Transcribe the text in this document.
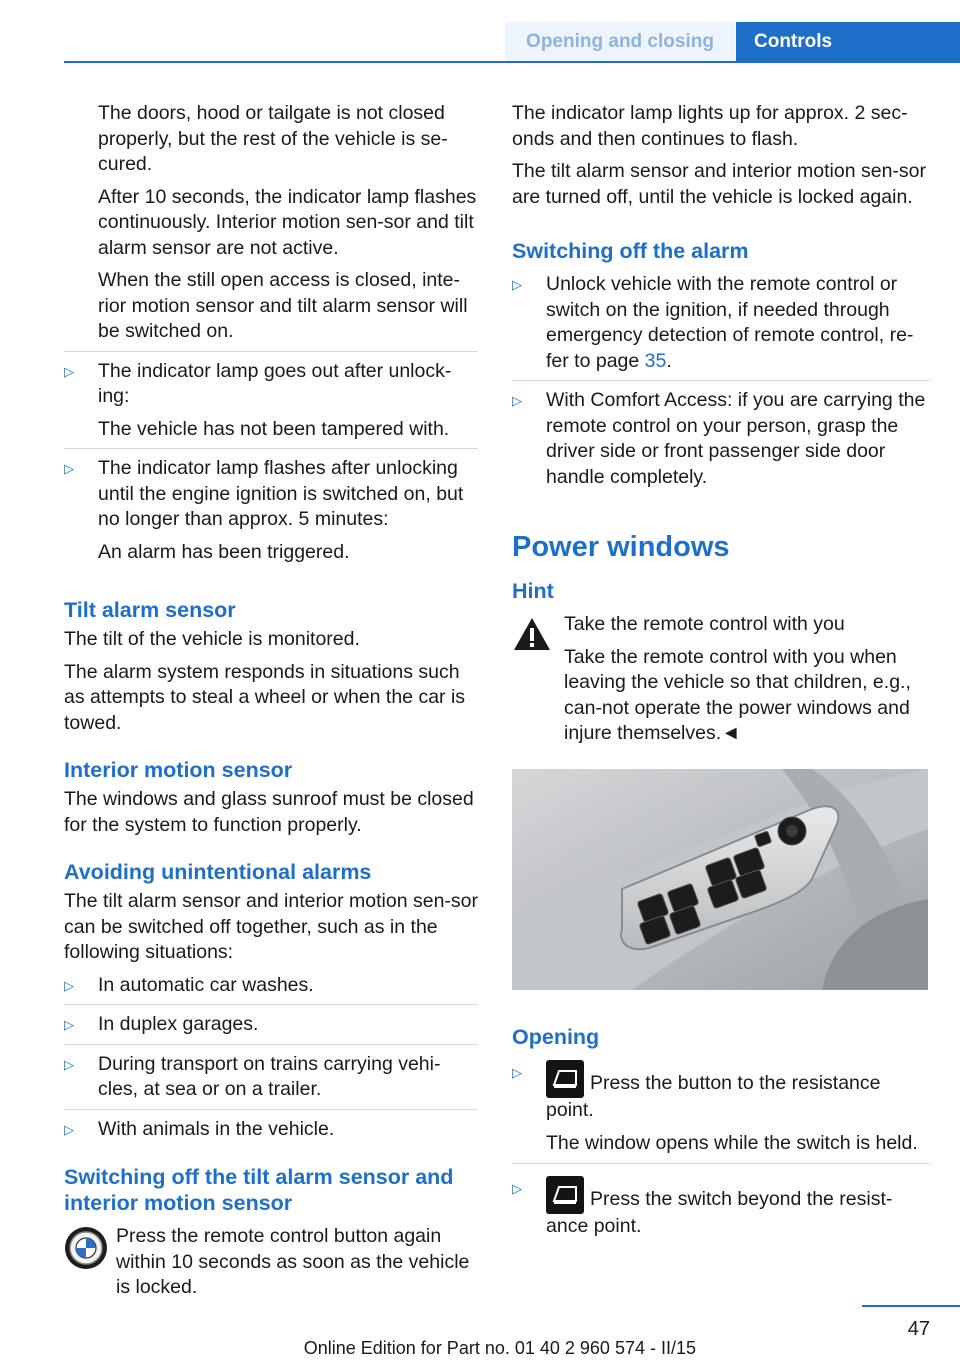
Opening and closing	Controls

The doors, hood or tailgate is not closed properly, but the rest of the vehicle is se-cured.

After 10 seconds, the indicator lamp flashes continuously. Interior motion sen-sor and tilt alarm sensor are not active.

When the still open access is closed, inte-rior motion sensor and tilt alarm sensor will be switched on.

▷	The indicator lamp goes out after unlock-ing:

The vehicle has not been tampered with.

▷	The indicator lamp flashes after unlocking until the engine ignition is switched on, but no longer than approx. 5 minutes:

An alarm has been triggered.

Tilt alarm sensor

The tilt of the vehicle is monitored.

The alarm system responds in situations such as attempts to steal a wheel or when the car is towed.

Interior motion sensor

The windows and glass sunroof must be closed for the system to function properly.

Avoiding unintentional alarms

The tilt alarm sensor and interior motion sen-sor can be switched off together, such as in the following situations:

▷	In automatic car washes.

▷	In duplex garages.

▷	During transport on trains carrying vehi-cles, at sea or on a trailer.

▷	With animals in the vehicle.

Switching off the tilt alarm sensor and interior motion sensor

Press the remote control button again within 10 seconds as soon as the vehicle is locked.

The indicator lamp lights up for approx. 2 sec-onds and then continues to flash.

The tilt alarm sensor and interior motion sen-sor are turned off, until the vehicle is locked again.

Switching off the alarm
▷	Unlock vehicle with the remote control or switch on the ignition, if needed through emergency detection of remote control, re-fer to page 35.

▷	With Comfort Access: if you are carrying the remote control on your person, grasp the driver side or front passenger side door handle completely.

Power windows
Hint

Take the remote control with you

Take the remote control with you when leaving the vehicle so that children, e.g., can-not operate the power windows and injure themselves.◄

Opening
▷	Press the button to the resistance point.

The window opens while the switch is held.

▷	Press the switch beyond the resist-ance point.

47
Online Edition for Part no. 01 40 2 960 574 - II/15
